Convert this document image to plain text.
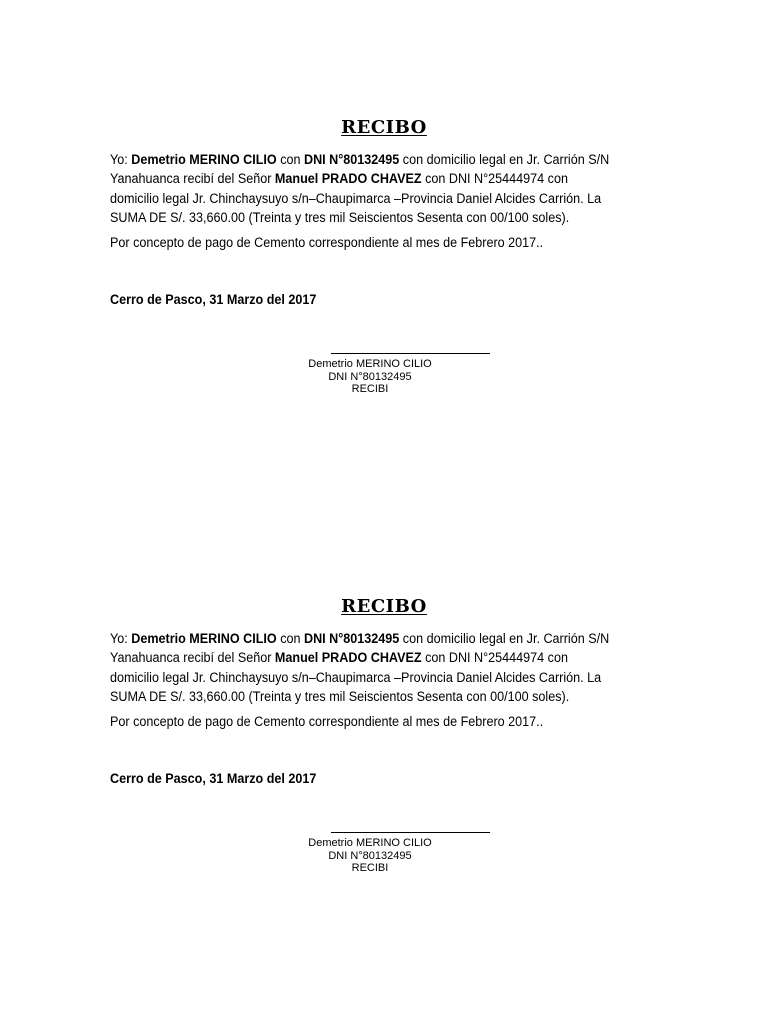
RECIBO

Yo: Demetrio MERINO CILIO con DNI N°80132495 con domicilio legal en Jr. Carrión S/N Yanahuanca recibí del Señor Manuel PRADO CHAVEZ con DNI N°25444974 con domicilio legal Jr. Chinchaysuyo s/n–Chaupimarca –Provincia Daniel Alcides Carrión. La SUMA DE S/. 33,660.00 (Treinta y tres mil Seiscientos Sesenta con 00/100 soles).

Por concepto de pago de Cemento correspondiente al mes de Febrero 2017..

Cerro de Pasco, 31 Marzo del 2017
Demetrio MERINO CILIO
DNI N°80132495
RECIBI
RECIBO

Yo: Demetrio MERINO CILIO con DNI N°80132495 con domicilio legal en Jr. Carrión S/N Yanahuanca recibí del Señor Manuel PRADO CHAVEZ con DNI N°25444974 con domicilio legal Jr. Chinchaysuyo s/n–Chaupimarca –Provincia Daniel Alcides Carrión. La SUMA DE S/. 33,660.00 (Treinta y tres mil Seiscientos Sesenta con 00/100 soles).

Por concepto de pago de Cemento correspondiente al mes de Febrero 2017..

Cerro de Pasco, 31 Marzo del 2017
Demetrio MERINO CILIO
DNI N°80132495
RECIBI
